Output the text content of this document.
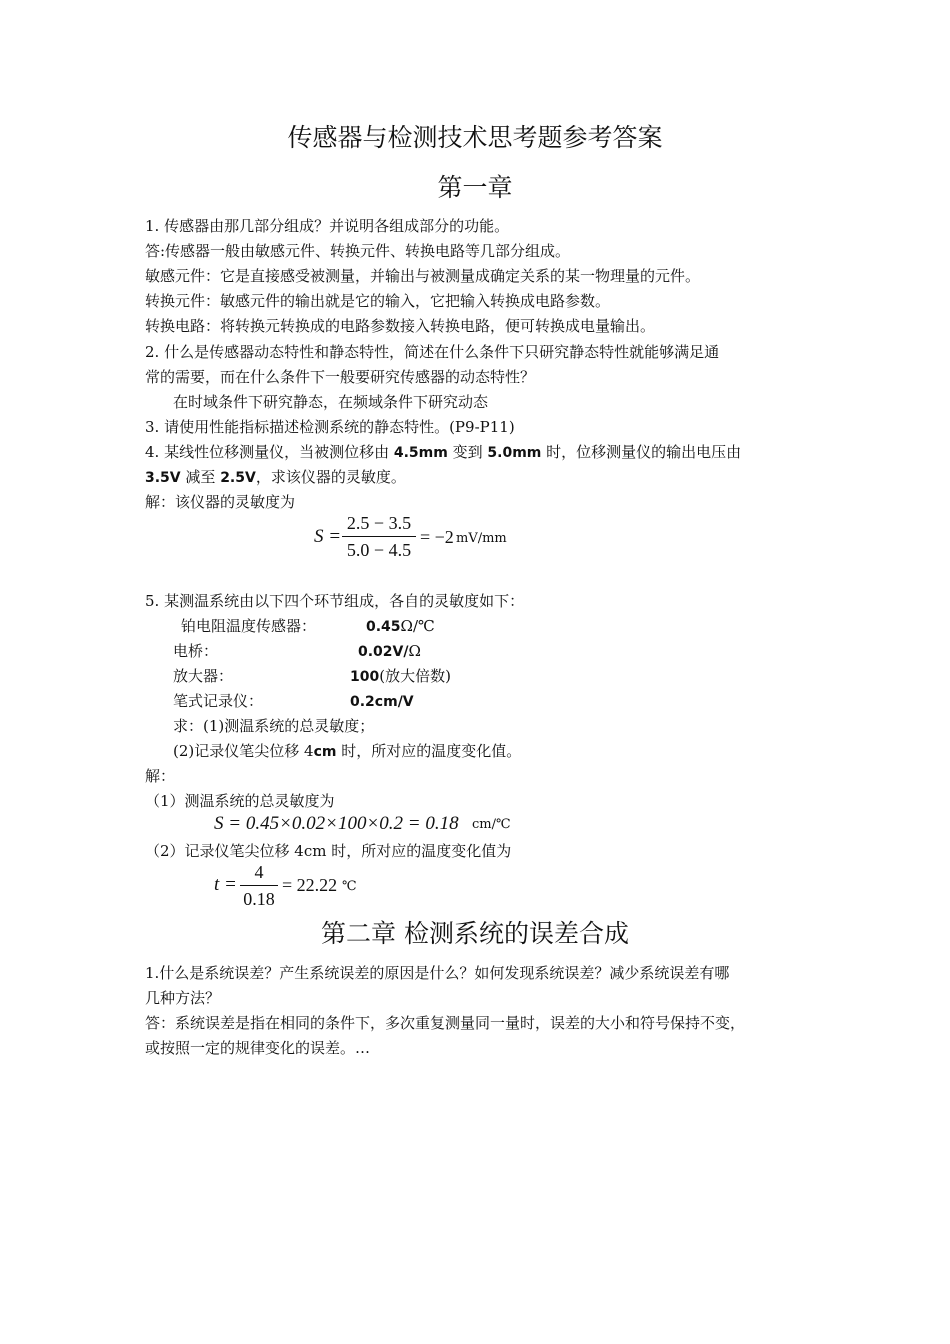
传感器与检测技术思考题参考答案
第一章
1. 传感器由那几部分组成？并说明各组成部分的功能。
答:传感器一般由敏感元件、转换元件、转换电路等几部分组成。
敏感元件：它是直接感受被测量，并输出与被测量成确定关系的某一物理量的元件。
转换元件：敏感元件的输出就是它的输入，它把输入转换成电路参数。
转换电路：将转换元转换成的电路参数接入转换电路，便可转换成电量输出。
2. 什么是传感器动态特性和静态特性，简述在什么条件下只研究静态特性就能够满足通
常的需要，而在什么条件下一般要研究传感器的动态特性？
在时域条件下研究静态，在频域条件下研究动态
3. 请使用性能指标描述检测系统的静态特性。(P9-P11)
4. 某线性位移测量仪，当被测位移由 4.5mm 变到 5.0mm 时，位移测量仪的输出电压由
3.5V 减至 2.5V，求该仪器的灵敏度。
解：该仪器的灵敏度为
S =
2.5 − 3.5
5.0 − 4.5
= −2 mV/mm
5. 某测温系统由以下四个环节组成，各自的灵敏度如下：
铂电阻温度传感器：	0.45Ω/℃
电桥：	0.02V/Ω
放大器：	100(放大倍数)
笔式记录仪：	0.2cm/V
求：(1)测温系统的总灵敏度；
(2)记录仪笔尖位移 4cm 时，所对应的温度变化值。
解：
（1）测温系统的总灵敏度为
S = 0.45×0.02×100×0.2 = 0.18 cm/℃
（2）记录仪笔尖位移 4cm 时，所对应的温度变化值为
t =
4
0.18
= 22.22 ℃
第二章 检测系统的误差合成
1.什么是系统误差？产生系统误差的原因是什么？如何发现系统误差？减少系统误差有哪
几种方法？
答：系统误差是指在相同的条件下，多次重复测量同一量时，误差的大小和符号保持不变，
或按照一定的规律变化的误差。…
